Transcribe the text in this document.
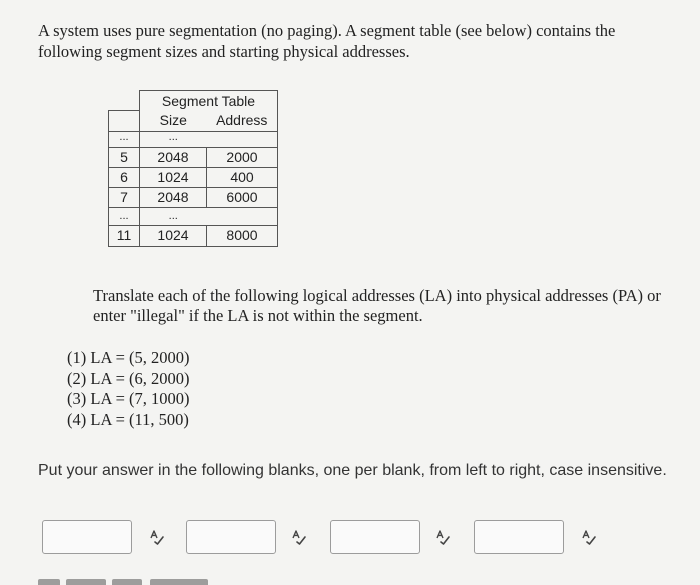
A system uses pure segmentation (no paging). A segment table (see below) contains the following segment sizes and starting physical addresses.
	Segment Table	
	Size	Address
...	...	
5	2048	2000
6	1024	400
7	2048	6000
...	...	
11	1024	8000
Translate each of the following logical addresses (LA) into physical addresses (PA) or enter "illegal" if the LA is not within the segment.
(1) LA = (5, 2000)
(2) LA = (6, 2000)
(3) LA = (7, 1000)
(4) LA = (11, 500)
Put your answer in the following blanks, one per blank, from left to right, case insensitive.
